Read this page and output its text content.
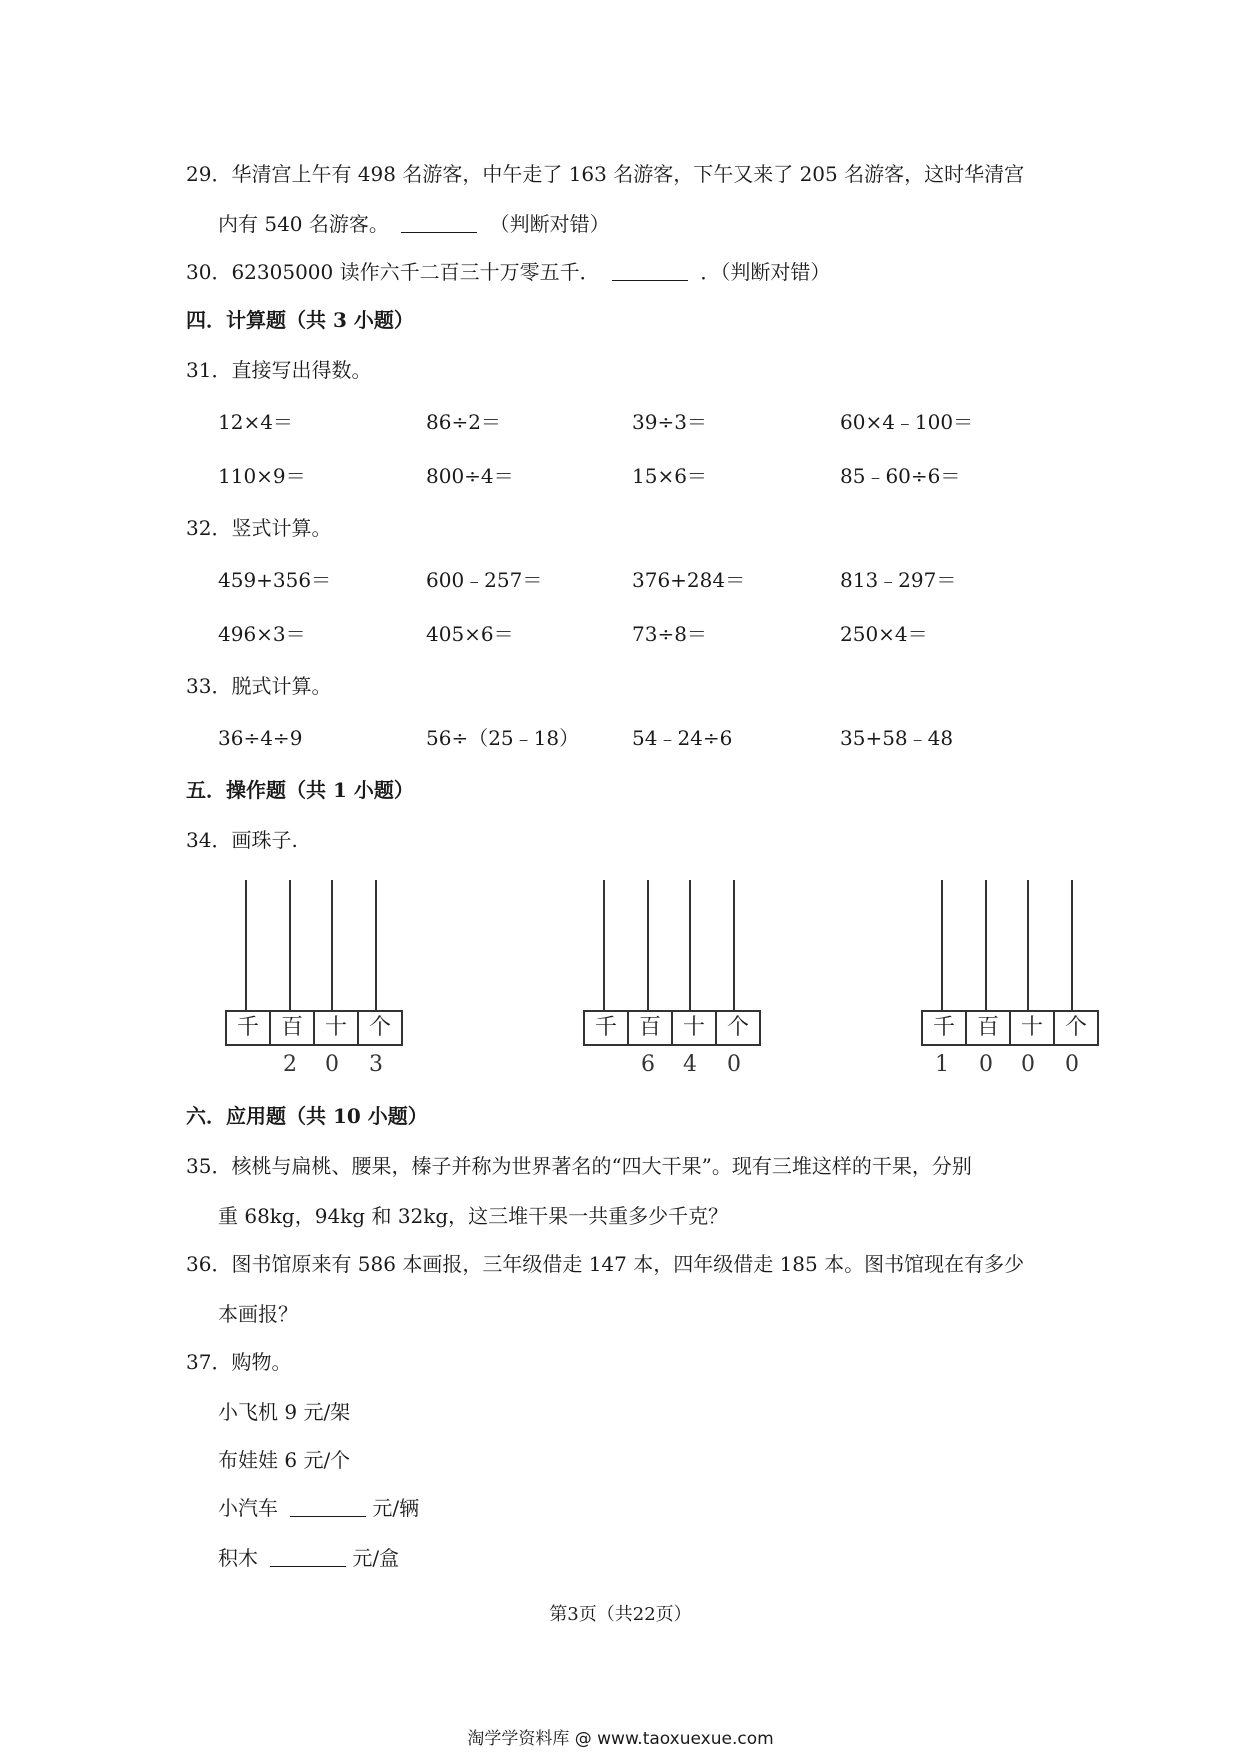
29．华清宫上午有 498 名游客，中午走了 163 名游客，下午又来了 205 名游客，这时华清宫
内有 540 名游客。	（判断对错）
30．62305000 读作六千二百三十万零五千．	．（判断对错）
四．计算题（共 3 小题）
31．直接写出得数。
12×4＝	86÷2＝	39÷3＝	60×4﹣100＝
110×9＝	800÷4＝	15×6＝	85﹣60÷6＝
32．竖式计算。
459+356＝	600﹣257＝	376+284＝	813﹣297＝
496×3＝	405×6＝	73÷8＝	250×4＝
33．脱式计算。
36÷4÷9	56÷（25﹣18）	54﹣24÷6	35+58﹣48
五．操作题（共 1 小题）
34．画珠子.
千 百 十 个
2 0 3
千 百 十 个
6 4 0
千 百 十 个
1 0 0 0
六．应用题（共 10 小题）
35．核桃与扁桃、腰果，榛子并称为世界著名的“四大干果”。现有三堆这样的干果，分别
重 68kg，94kg 和 32kg，这三堆干果一共重多少千克？
36．图书馆原来有 586 本画报，三年级借走 147 本，四年级借走 185 本。图书馆现在有多少
本画报？
37．购物。
小飞机 9 元/架
布娃娃 6 元/个
小汽车	元/辆
积木	元/盒
第3页（共22页）
淘学学资料库 @ www.taoxuexue.com
